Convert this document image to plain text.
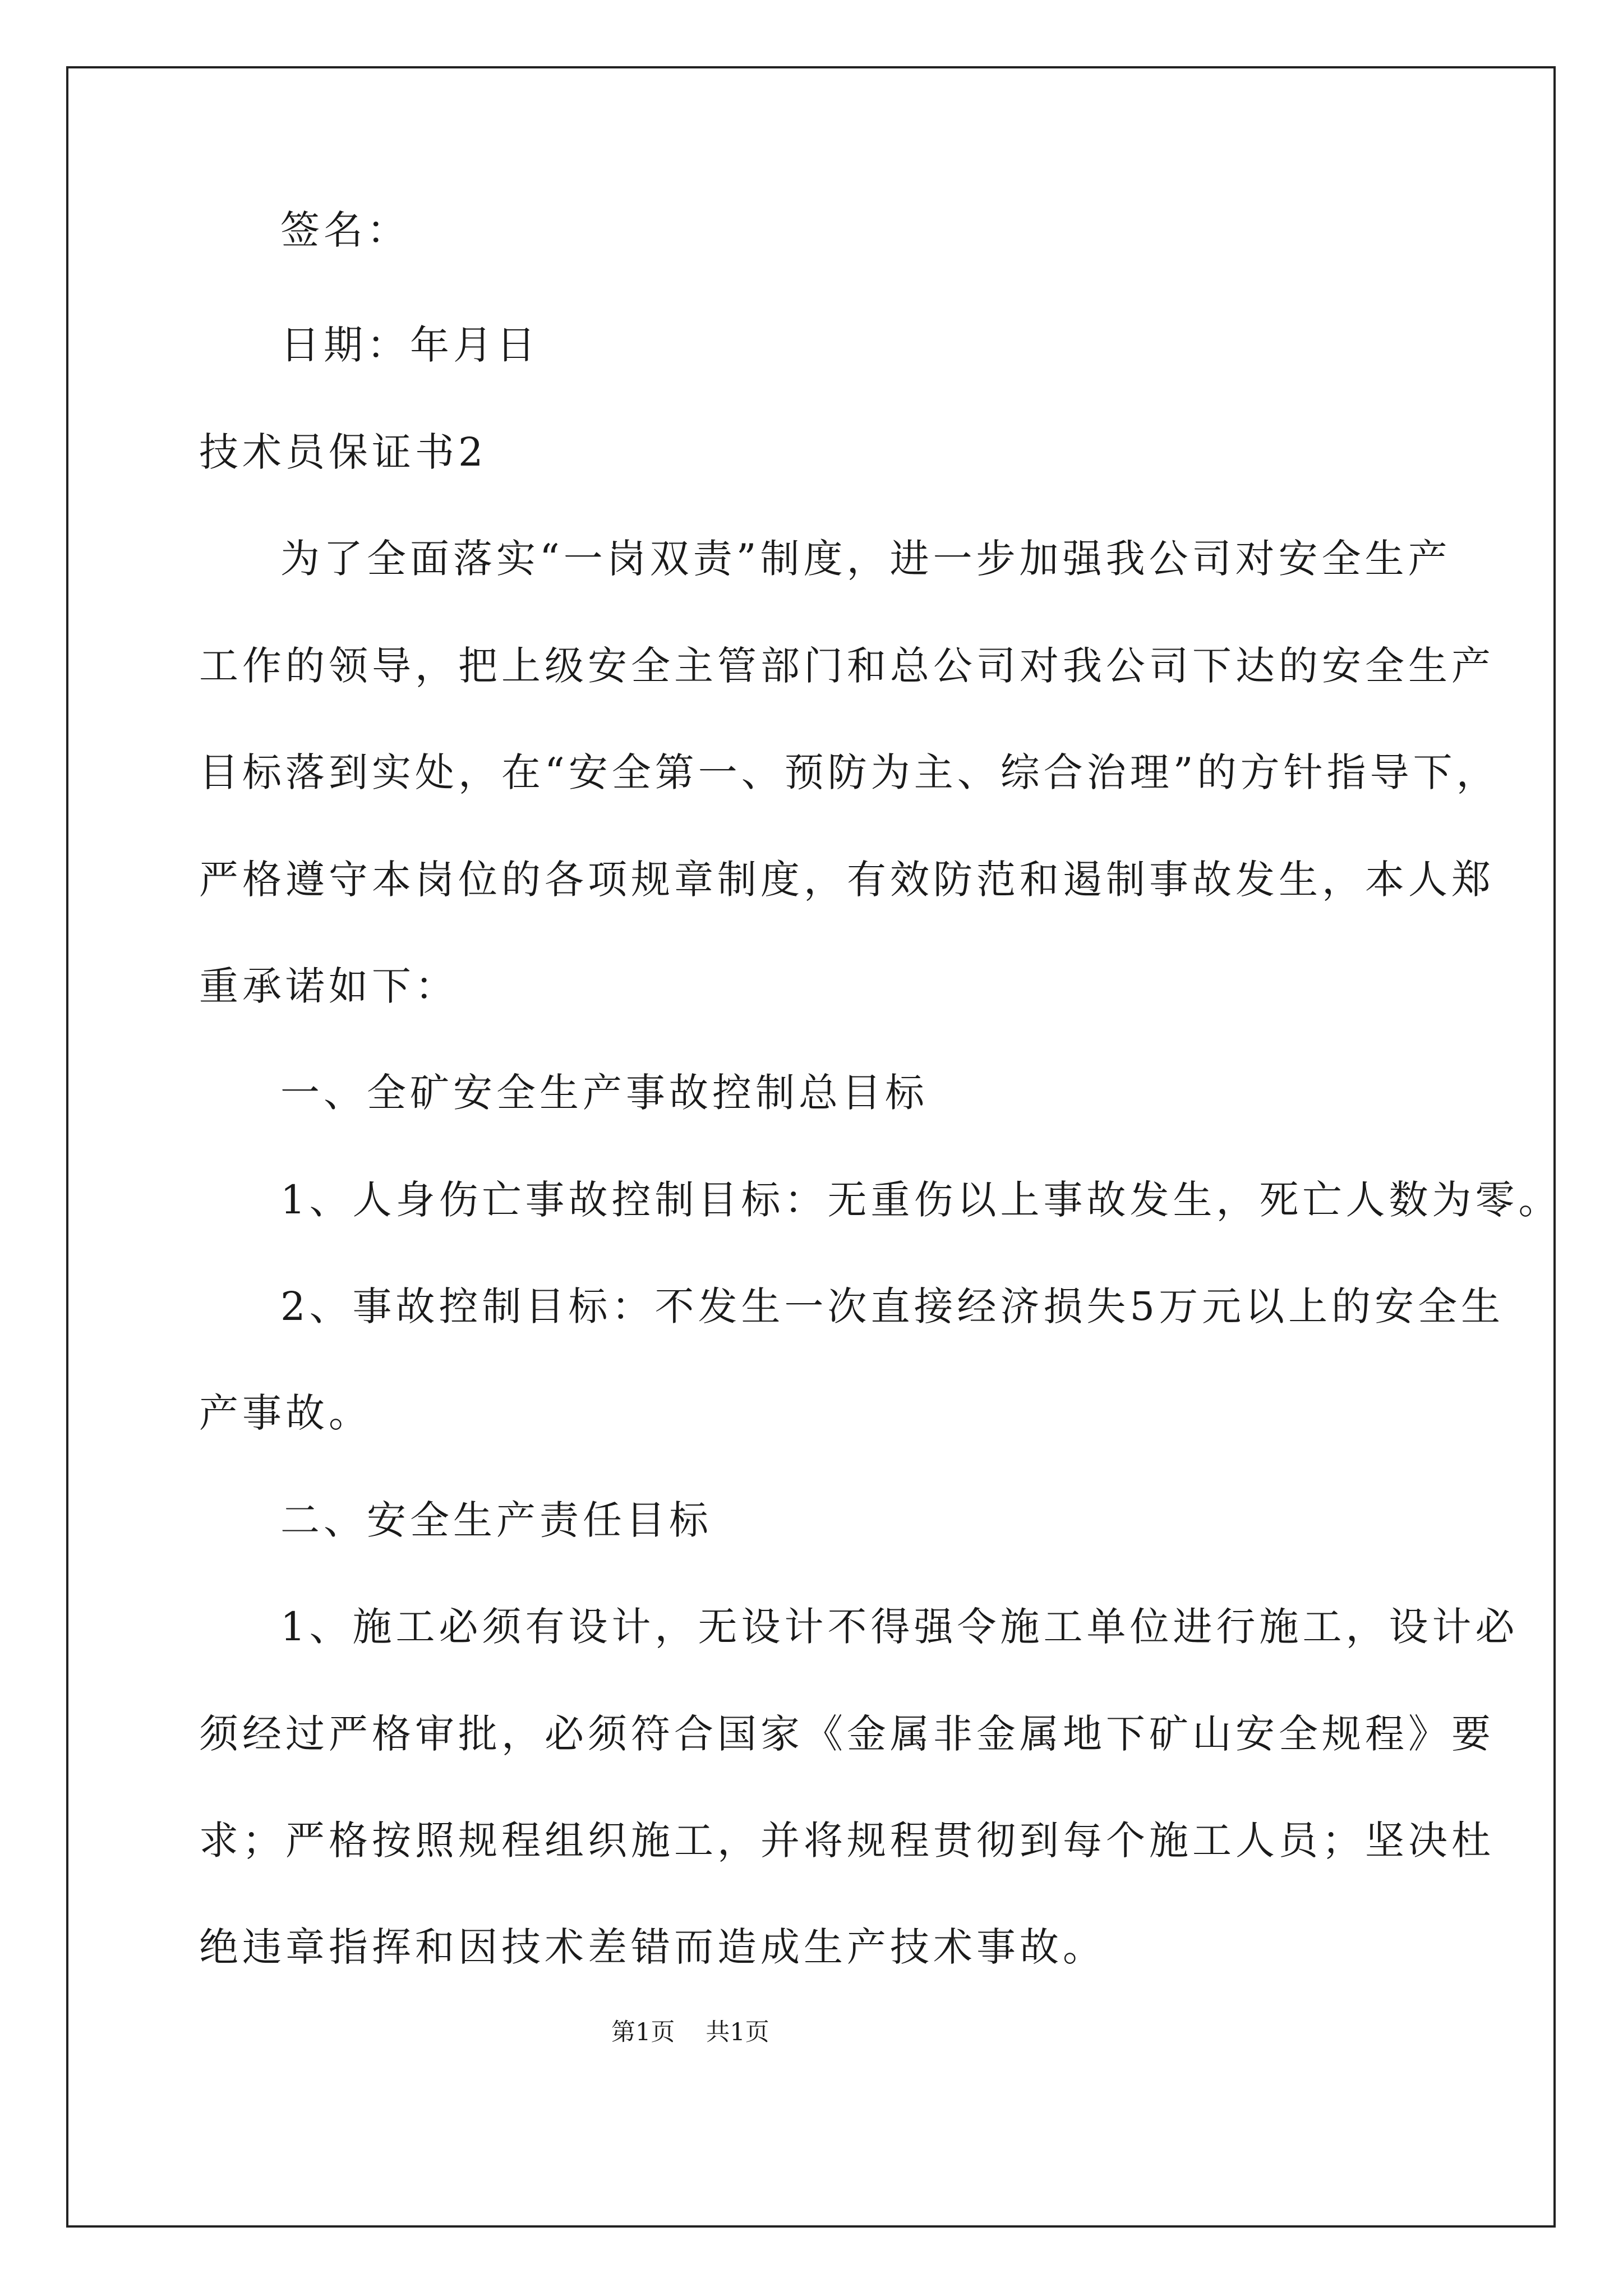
签名：
日期：年月日
技术员保证书2
为了全面落实“一岗双责”制度，进一步加强我公司对安全生产
工作的领导，把上级安全主管部门和总公司对我公司下达的安全生产
目标落到实处，在“安全第一、预防为主、综合治理”的方针指导下，
严格遵守本岗位的各项规章制度，有效防范和遏制事故发生，本人郑
重承诺如下：
一、全矿安全生产事故控制总目标
1、人身伤亡事故控制目标：无重伤以上事故发生，死亡人数为零。
2、事故控制目标：不发生一次直接经济损失5万元以上的安全生
产事故。
二、安全生产责任目标
1、施工必须有设计，无设计不得强令施工单位进行施工，设计必
须经过严格审批，必须符合国家《金属非金属地下矿山安全规程》要
求；严格按照规程组织施工，并将规程贯彻到每个施工人员；坚决杜
绝违章指挥和因技术差错而造成生产技术事故。
第1页 共1页
